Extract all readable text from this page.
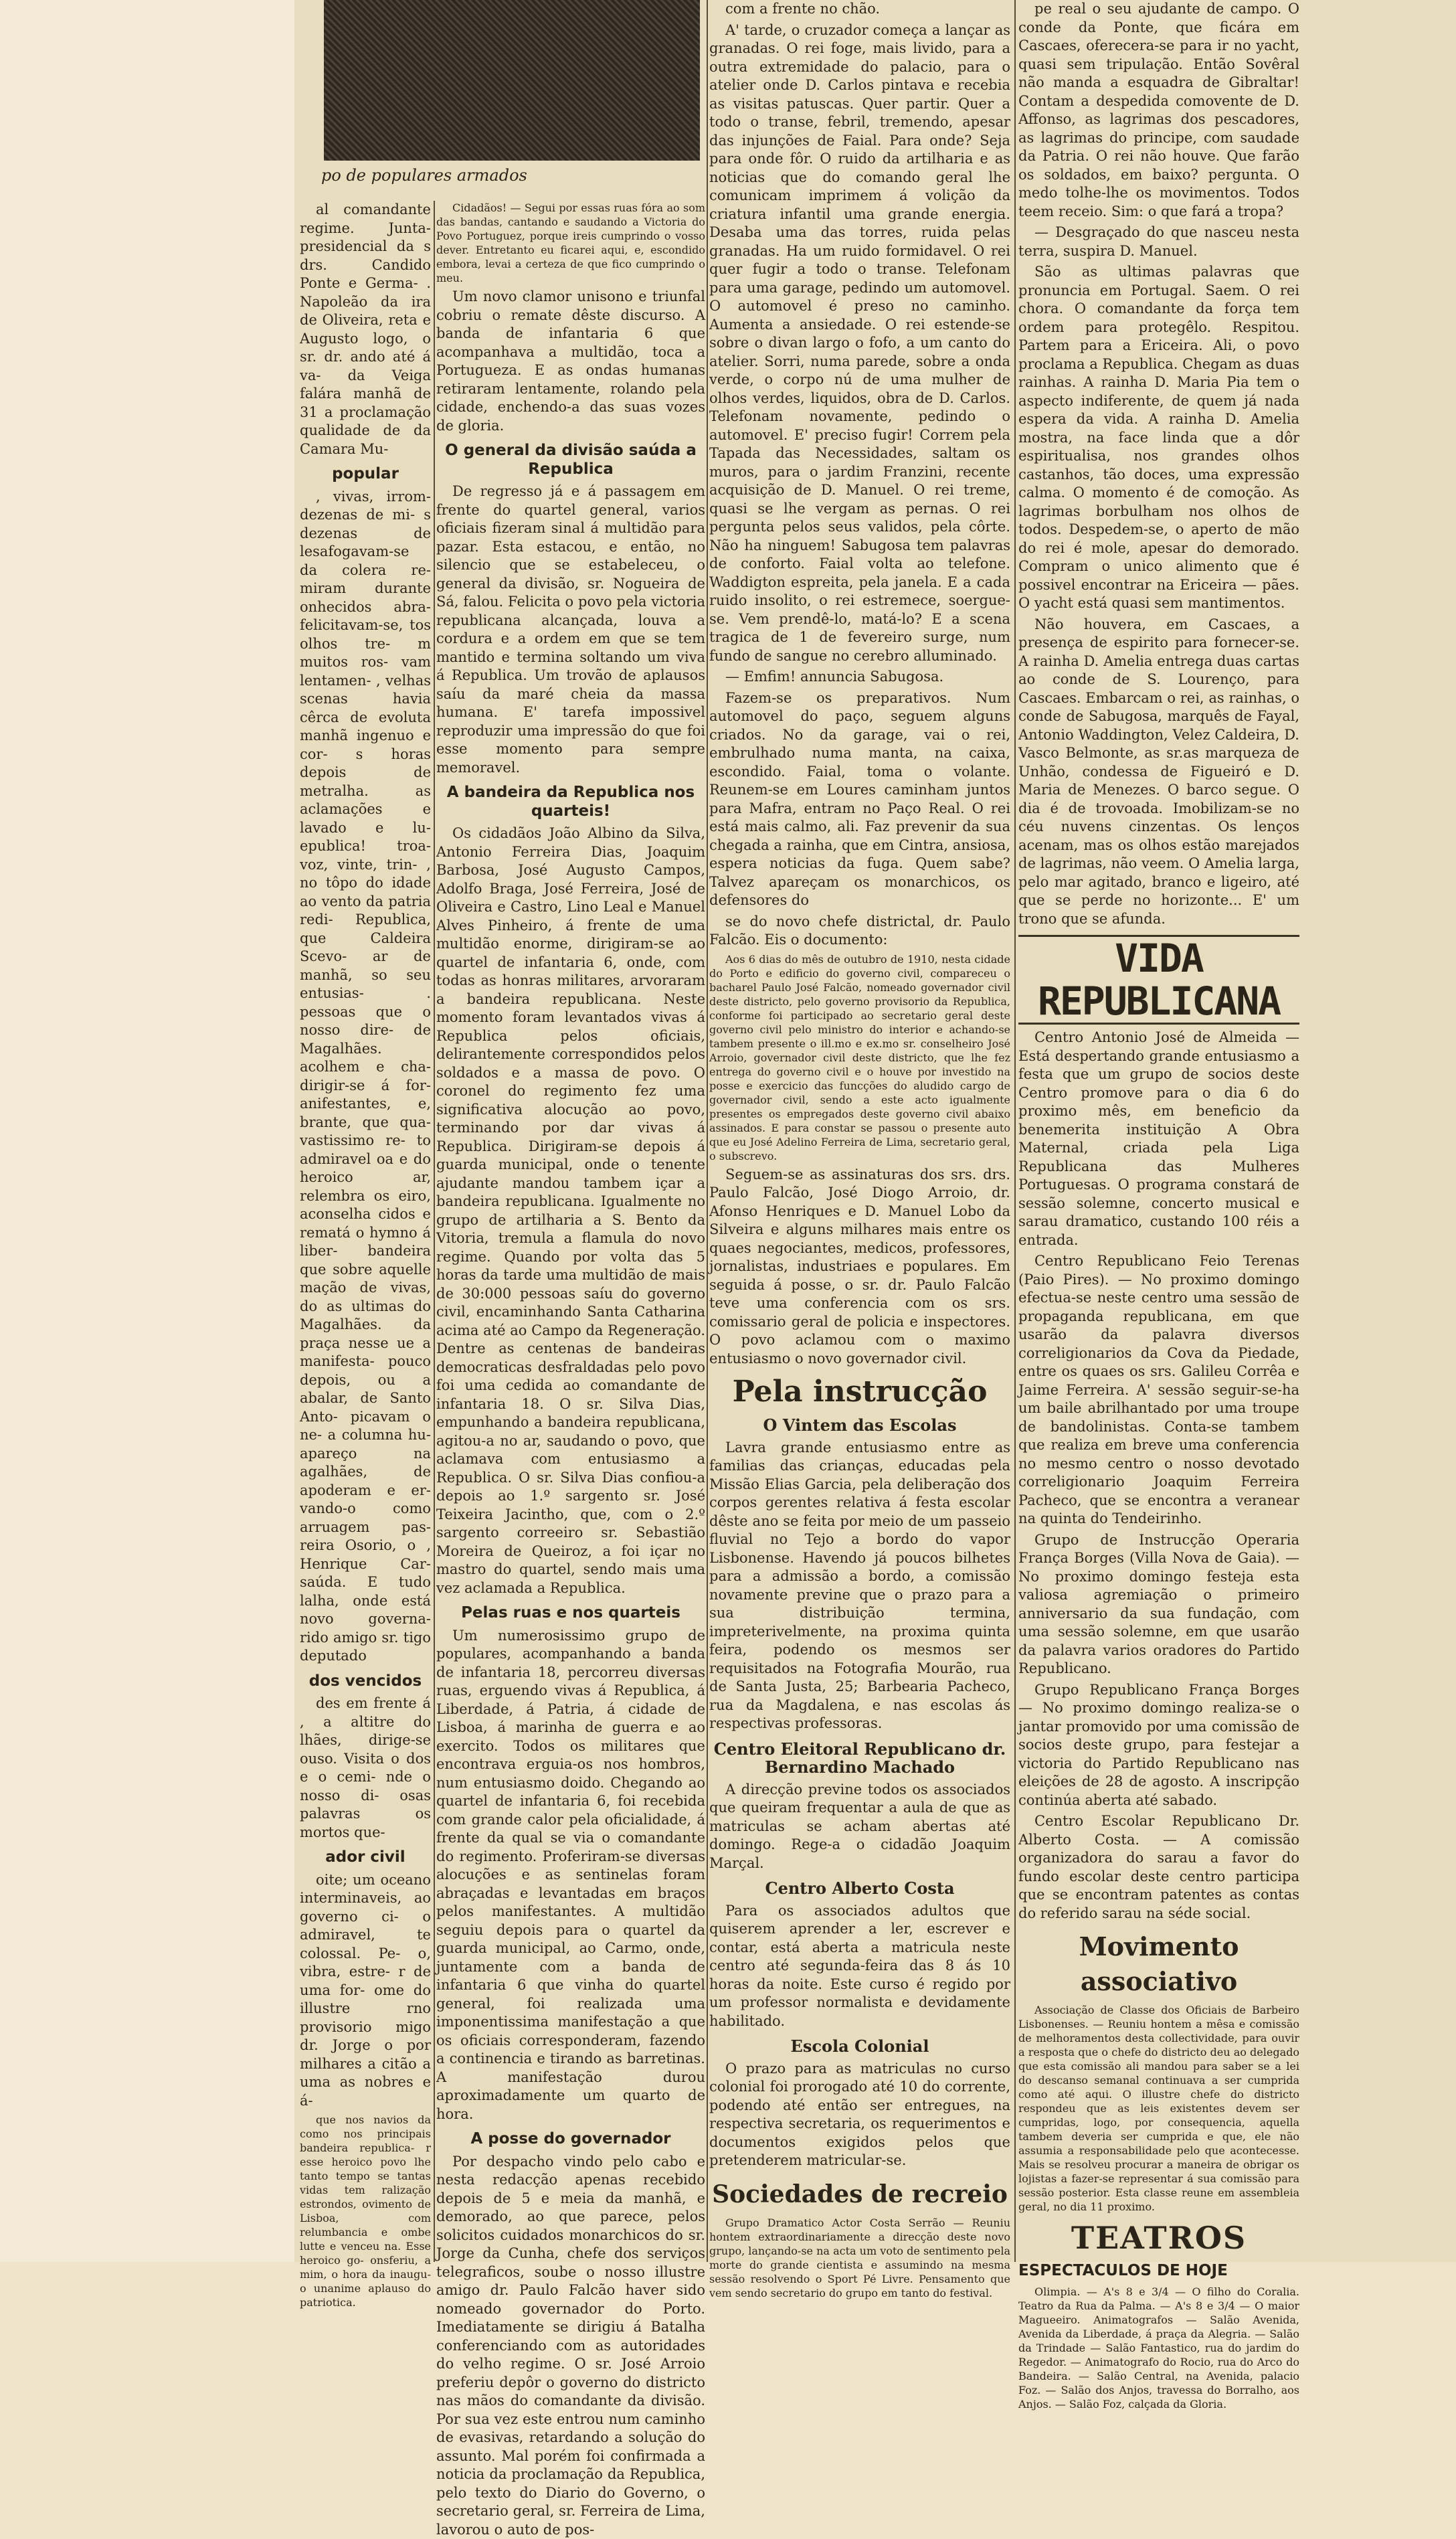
po de populares armados

al comandante regime. Junta- presidencial da s drs. Candido Ponte e Germa- . Napoleão da ira de Oliveira, reta e Augusto logo, o sr. dr. ando até á va- da Veiga falára manhã de 31 a proclamação qualidade de da Camara Mu-

popular

, vivas, irrom- dezenas de mi- s dezenas de lesafogavam-se da colera re- miram durante onhecidos abra- felicitavam-se, tos olhos tre- m muitos ros- vam lentamen- , velhas scenas havia cêrca de evoluta manhã ingenuo e cor- s horas depois de metralha. as aclamações e lavado e lu- epublica! troa- voz, vinte, trin- , no tôpo do idade ao vento da patria redi- Republica, que Caldeira Scevo- ar de manhã, so seu entusias- . pessoas que o nosso dire- de Magalhães. acolhem e cha- dirigir-se á for- anifestantes, e, brante, que qua- vastissimo re- to admiravel oa e do heroico ar, relembra os eiro, aconselha cidos e rematá o hymno á liber- bandeira que sobre aquelle mação de vivas, do as ultimas do Magalhães. da praça nesse ue a manifesta- pouco depois, ou a abalar, de Santo Anto- picavam o ne- a columna hu- apareço na agalhães, de apoderam e er- vando-o como arruagem pas- reira Osorio, o , Henrique Car- saúda. E tudo lalha, onde está novo governa- rido amigo sr. tigo deputado

dos vencidos

des em frente á , a altitre do lhães, dirige-se ouso. Visita o dos e o cemi- nde o nosso di- osas palavras os mortos que-

ador civil

oite; um oceano interminaveis, ao governo ci- o admiravel, te colossal. Pe- o, vibra, estre- r de uma for- ome do illustre rno provisorio migo dr. Jorge o por milhares a citão a uma as nobres e á-

que nos navios da como nos principais bandeira republica- r esse heroico povo lhe tanto tempo se tantas vidas tem ralização estrondos, ovimento de Lisboa, com relumbancia e ombe lutte e venceu na. Esse heroico go- onsferiu, a mim, o hora da inaugu- o unanime aplauso do patriotica.

Cidadãos! — Segui por essas ruas fóra ao som das bandas, cantando e saudando a Victoria do Povo Portuguez, porque ireis cumprindo o vosso dever. Entretanto eu ficarei aqui, e, escondido embora, levai a certeza de que fico cumprindo o meu.

Um novo clamor unisono e triunfal cobriu o remate dêste discurso. A banda de infantaria 6 que acompanhava a multidão, toca a Portugueza. E as ondas humanas retiraram lentamente, rolando pela cidade, enchendo-a das suas vozes de gloria.

O general da divisão saúda a Republica

De regresso já e á passagem em frente do quartel general, varios oficiais fizeram sinal á multidão para pazar. Esta estacou, e então, no silencio que se estabeleceu, o general da divisão, sr. Nogueira de Sá, falou. Felicita o povo pela victoria republicana alcançada, louva a cordura e a ordem em que se tem mantido e termina soltando um viva á Republica. Um trovão de aplausos saíu da maré cheia da massa humana. E' tarefa impossivel reproduzir uma impressão do que foi esse momento para sempre memoravel.

A bandeira da Republica nos quarteis!

Os cidadãos João Albino da Silva, Antonio Ferreira Dias, Joaquim Barbosa, José Augusto Campos, Adolfo Braga, José Ferreira, José de Oliveira e Castro, Lino Leal e Manuel Alves Pinheiro, á frente de uma multidão enorme, dirigiram-se ao quartel de infantaria 6, onde, com todas as honras militares, arvoraram a bandeira republicana. Neste momento foram levantados vivas á Republica pelos oficiais, delirantemente correspondidos pelos soldados e a massa de povo. O coronel do regimento fez uma significativa alocução ao povo, terminando por dar vivas á Republica. Dirigiram-se depois á guarda municipal, onde o tenente ajudante mandou tambem içar a bandeira republicana. Igualmente no grupo de artilharia a S. Bento da Vitoria, tremula a flamula do novo regime. Quando por volta das 5 horas da tarde uma multidão de mais de 30:000 pessoas saíu do governo civil, encaminhando Santa Catharina acima até ao Campo da Regeneração. Dentre as centenas de bandeiras democraticas desfraldadas pelo povo foi uma cedida ao comandante de infantaria 18. O sr. Silva Dias, empunhando a bandeira republicana, agitou-a no ar, saudando o povo, que aclamava com entusiasmo a Republica. O sr. Silva Dias confiou-a depois ao 1.º sargento sr. José Teixeira Jacintho, que, com o 2.º sargento correeiro sr. Sebastião Moreira de Queiroz, a foi içar no mastro do quartel, sendo mais uma vez aclamada a Republica.

Pelas ruas e nos quarteis

Um numerosissimo grupo de populares, acompanhando a banda de infantaria 18, percorreu diversas ruas, erguendo vivas á Republica, á Liberdade, á Patria, á cidade de Lisboa, á marinha de guerra e ao exercito. Todos os militares que encontrava erguia-os nos hombros, num entusiasmo doido. Chegando ao quartel de infantaria 6, foi recebida com grande calor pela oficialidade, á frente da qual se via o comandante do regimento. Proferiram-se diversas alocuções e as sentinelas foram abraçadas e levantadas em braços pelos manifestantes. A multidão seguiu depois para o quartel da guarda municipal, ao Carmo, onde, juntamente com a banda de infantaria 6 que vinha do quartel general, foi realizada uma imponentissima manifestação a que os oficiais corresponderam, fazendo a continencia e tirando as barretinas. A manifestação durou aproximadamente um quarto de hora.

A posse do governador

Por despacho vindo pelo cabo e nesta redacção apenas recebido depois de 5 e meia da manhã, e demorado, ao que parece, pelos solicitos cuidados monarchicos do sr. Jorge da Cunha, chefe dos serviços telegraficos, soube o nosso illustre amigo dr. Paulo Falcão haver sido nomeado governador do Porto. Imediatamente se dirigiu á Batalha conferenciando com as autoridades do velho regime. O sr. José Arroio preferiu depôr o governo do districto nas mãos do comandante da divisão. Por sua vez este entrou num caminho de evasivas, retardando a solução do assunto. Mal porém foi confirmada a noticia da proclamação da Republica, pelo texto do Diario do Governo, o secretario geral, sr. Ferreira de Lima, lavorou o auto de pos-

com a frente no chão.

A' tarde, o cruzador começa a lançar as granadas. O rei foge, mais livido, para a outra extremidade do palacio, para o atelier onde D. Carlos pintava e recebia as visitas patuscas. Quer partir. Quer a todo o transe, febril, tremendo, apesar das injunções de Faial. Para onde? Seja para onde fôr. O ruido da artilharia e as noticias que do comando geral lhe comunicam imprimem á volição da criatura infantil uma grande energia. Desaba uma das torres, ruida pelas granadas. Ha um ruido formidavel. O rei quer fugir a todo o transe. Telefonam para uma garage, pedindo um automovel. O automovel é preso no caminho. Aumenta a ansiedade. O rei estende-se sobre o divan largo o fofo, a um canto do atelier. Sorri, numa parede, sobre a onda verde, o corpo nú de uma mulher de olhos verdes, liquidos, obra de D. Carlos. Telefonam novamente, pedindo o automovel. E' preciso fugir! Correm pela Tapada das Necessidades, saltam os muros, para o jardim Franzini, recente acquisição de D. Manuel. O rei treme, quasi se lhe vergam as pernas. O rei pergunta pelos seus validos, pela côrte. Não ha ninguem! Sabugosa tem palavras de conforto. Faial volta ao telefone. Waddigton espreita, pela janela. E a cada ruido insolito, o rei estremece, soergue-se. Vem prendê-lo, matá-lo? E a scena tragica de 1 de fevereiro surge, num fundo de sangue no cerebro alluminado.

— Emfim! annuncia Sabugosa.

Fazem-se os preparativos. Num automovel do paço, seguem alguns criados. No da garage, vai o rei, embrulhado numa manta, na caixa, escondido. Faial, toma o volante. Reunem-se em Loures caminham juntos para Mafra, entram no Paço Real. O rei está mais calmo, ali. Faz prevenir da sua chegada a rainha, que em Cintra, ansiosa, espera noticias da fuga. Quem sabe? Talvez apareçam os monarchicos, os defensores do

se do novo chefe districtal, dr. Paulo Falcão. Eis o documento:

Aos 6 dias do mês de outubro de 1910, nesta cidade do Porto e edificio do governo civil, compareceu o bacharel Paulo José Falcão, nomeado governador civil deste districto, pelo governo provisorio da Republica, conforme foi participado ao secretario geral deste governo civil pelo ministro do interior e achando-se tambem presente o ill.mo e ex.mo sr. conselheiro José Arroio, governador civil deste districto, que lhe fez entrega do governo civil e o houve por investido na posse e exercicio das funcções do aludido cargo de governador civil, sendo a este acto igualmente presentes os empregados deste governo civil abaixo assinados. E para constar se passou o presente auto que eu José Adelino Ferreira de Lima, secretario geral, o subscrevo.

Seguem-se as assinaturas dos srs. drs. Paulo Falcão, José Diogo Arroio, dr. Afonso Henriques e D. Manuel Lobo da Silveira e alguns milhares mais entre os quaes negociantes, medicos, professores, jornalistas, industriaes e populares. Em seguida á posse, o sr. dr. Paulo Falcão teve uma conferencia com os srs. comissario geral de policia e inspectores. O povo aclamou com o maximo entusiasmo o novo governador civil.

Pela instrucção
O Vintem das Escolas

Lavra grande entusiasmo entre as familias das crianças, educadas pela Missão Elias Garcia, pela deliberação dos corpos gerentes relativa á festa escolar dêste ano se feita por meio de um passeio fluvial no Tejo a bordo do vapor Lisbonense. Havendo já poucos bilhetes para a admissão a bordo, a comissão novamente previne que o prazo para a sua distribuição termina, impreterivelmente, na proxima quinta feira, podendo os mesmos ser requisitados na Fotografia Mourão, rua de Santa Justa, 25; Barbearia Pacheco, rua da Magdalena, e nas escolas ás respectivas professoras.

Centro Eleitoral Republicano dr. Bernardino Machado

A direcção previne todos os associados que queiram frequentar a aula de que as matriculas se acham abertas até domingo. Rege-a o cidadão Joaquim Marçal.

Centro Alberto Costa

Para os associados adultos que quiserem aprender a ler, escrever e contar, está aberta a matricula neste centro até segunda-feira das 8 ás 10 horas da noite. Este curso é regido por um professor normalista e devidamente habilitado.

Escola Colonial

O prazo para as matriculas no curso colonial foi prorogado até 10 do corrente, podendo até então ser entregues, na respectiva secretaria, os requerimentos e documentos exigidos pelos que pretenderem matricular-se.

Sociedades de recreio

Grupo Dramatico Actor Costa Serrão — Reuniu hontem extraordinariamente a direcção deste novo grupo, lançando-se na acta um voto de sentimento pela morte do grande cientista e assumindo na mesma sessão resolvendo o Sport Pé Livre. Pensamento que vem sendo secretario do grupo em tanto do festival.

pe real o seu ajudante de campo. O conde da Ponte, que ficára em Cascaes, oferecera-se para ir no yacht, quasi sem tripulação. Então Sovêral não manda a esquadra de Gibraltar! Contam a despedida comovente de D. Affonso, as lagrimas dos pescadores, as lagrimas do principe, com saudade da Patria. O rei não houve. Que farão os soldados, em baixo? pergunta. O medo tolhe-lhe os movimentos. Todos teem receio. Sim: o que fará a tropa?

— Desgraçado do que nasceu nesta terra, suspira D. Manuel.

São as ultimas palavras que pronuncia em Portugal. Saem. O rei chora. O comandante da força tem ordem para protegêlo. Respitou. Partem para a Ericeira. Ali, o povo proclama a Republica. Chegam as duas rainhas. A rainha D. Maria Pia tem o aspecto indiferente, de quem já nada espera da vida. A rainha D. Amelia mostra, na face linda que a dôr espiritualisa, nos grandes olhos castanhos, tão doces, uma expressão calma. O momento é de comoção. As lagrimas borbulham nos olhos de todos. Despedem-se, o aperto de mão do rei é mole, apesar do demorado. Compram o unico alimento que é possivel encontrar na Ericeira — pães. O yacht está quasi sem mantimentos.

Não houvera, em Cascaes, a presença de espirito para fornecer-se. A rainha D. Amelia entrega duas cartas ao conde de S. Lourenço, para Cascaes. Embarcam o rei, as rainhas, o conde de Sabugosa, marquês de Fayal, Antonio Waddington, Velez Caldeira, D. Vasco Belmonte, as sr.as marqueza de Unhão, condessa de Figueiró e D. Maria de Menezes. O barco segue. O dia é de trovoada. Imobilizam-se no céu nuvens cinzentas. Os lenços acenam, mas os olhos estão marejados de lagrimas, não veem. O Amelia larga, pelo mar agitado, branco e ligeiro, até que se perde no horizonte... E' um trono que se afunda.

VIDA REPUBLICANA

Centro Antonio José de Almeida — Está despertando grande entusiasmo a festa que um grupo de socios deste Centro promove para o dia 6 do proximo mês, em beneficio da benemerita instituição A Obra Maternal, criada pela Liga Republicana das Mulheres Portuguesas. O programa constará de sessão solemne, concerto musical e sarau dramatico, custando 100 réis a entrada.

Centro Republicano Feio Terenas (Paio Pires). — No proximo domingo efectua-se neste centro uma sessão de propaganda republicana, em que usarão da palavra diversos correligionarios da Cova da Piedade, entre os quaes os srs. Galileu Corrêa e Jaime Ferreira. A' sessão seguir-se-ha um baile abrilhantado por uma troupe de bandolinistas. Conta-se tambem que realiza em breve uma conferencia no mesmo centro o nosso devotado correligionario Joaquim Ferreira Pacheco, que se encontra a veranear na quinta do Tendeirinho.

Grupo de Instrucção Operaria França Borges (Villa Nova de Gaia). — No proximo domingo festeja esta valiosa agremiação o primeiro anniversario da sua fundação, com uma sessão solemne, em que usarão da palavra varios oradores do Partido Republicano.

Grupo Republicano França Borges — No proximo domingo realiza-se o jantar promovido por uma comissão de socios deste grupo, para festejar a victoria do Partido Republicano nas eleições de 28 de agosto. A inscripção continúa aberta até sabado.

Centro Escolar Republicano Dr. Alberto Costa. — A comissão organizadora do sarau a favor do fundo escolar deste centro participa que se encontram patentes as contas do referido sarau na séde social.

Movimento associativo

Associação de Classe dos Oficiais de Barbeiro Lisbonenses. — Reuniu hontem a mêsa e comissão de melhoramentos desta collectividade, para ouvir a resposta que o chefe do districto deu ao delegado que esta comissão ali mandou para saber se a lei do descanso semanal continuava a ser cumprida como até aqui. O illustre chefe do districto respondeu que as leis existentes devem ser cumpridas, logo, por consequencia, aquella tambem deveria ser cumprida e que, ele não assumia a responsabilidade pelo que acontecesse. Mais se resolveu procurar a maneira de obrigar os lojistas a fazer-se representar á sua comissão para sessão posterior. Esta classe reune em assembleia geral, no dia 11 proximo.

TEATROS
ESPECTACULOS DE HOJE

Olimpia. — A's 8 e 3/4 — O filho do Coralia. Teatro da Rua da Palma. — A's 8 e 3/4 — O maior Magueeiro. Animatografos — Salão Avenida, Avenida da Liberdade, á praça da Alegria. — Salão da Trindade — Salão Fantastico, rua do jardim do Regedor. — Animatografo do Rocio, rua do Arco do Bandeira. — Salão Central, na Avenida, palacio Foz. — Salão dos Anjos, travessa do Borralho, aos Anjos. — Salão Foz, calçada da Gloria.
